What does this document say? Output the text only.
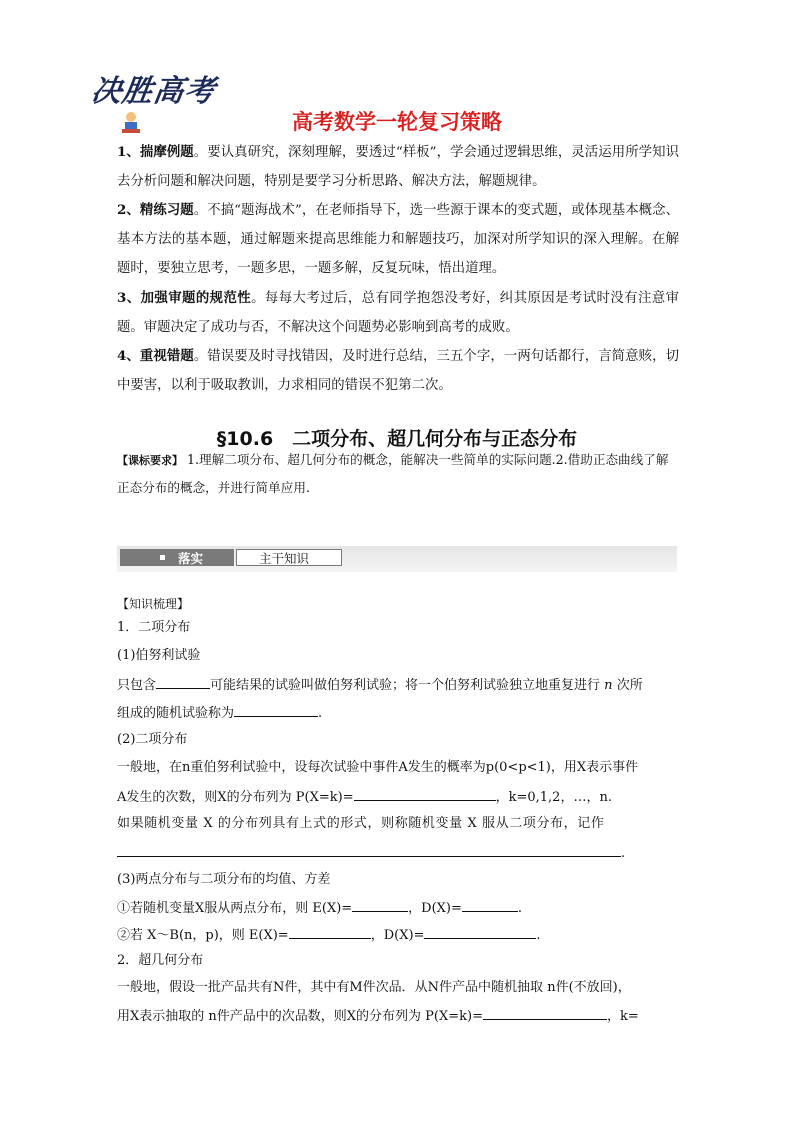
决胜高考
高考数学一轮复习策略
1、揣摩例题。要认真研究，深刻理解，要透过“样板”，学会通过逻辑思维，灵活运用所学知识去分析问题和解决问题，特别是要学习分析思路、解决方法，解题规律。
2、精练习题。不搞“题海战术”，在老师指导下，选一些源于课本的变式题，或体现基本概念、基本方法的基本题，通过解题来提高思维能力和解题技巧，加深对所学知识的深入理解。在解题时，要独立思考，一题多思，一题多解，反复玩味，悟出道理。
3、加强审题的规范性。每每大考过后，总有同学抱怨没考好，纠其原因是考试时没有注意审题。审题决定了成功与否，不解决这个问题势必影响到高考的成败。
4、重视错题。错误要及时寻找错因，及时进行总结，三五个字，一两句话都行，言简意赅，切中要害，以利于吸取教训，力求相同的错误不犯第二次。
§10.6　二项分布、超几何分布与正态分布
【课标要求】 1.理解二项分布、超几何分布的概念，能解决一些简单的实际问题.2.借助正态曲线了解正态分布的概念，并进行简单应用.
落实	主干知识
【知识梳理】
1．二项分布
(1)伯努利试验
只包含	可能结果的试验叫做伯努利试验；将一个伯努利试验独立地重复进行 n 次所
组成的随机试验称为	.
(2)二项分布
一般地，在n重伯努利试验中，设每次试验中事件A发生的概率为p(0<p<1)，用X表示事件
A发生的次数，则X的分布列为 P(X=k)=	，k=0,1,2，…，n.
如果随机变量 X 的分布列具有上式的形式，则称随机变量 X 服从二项分布，记作
.
(3)两点分布与二项分布的均值、方差
①若随机变量X服从两点分布，则 E(X)=	，D(X)=	.
②若 X～B(n，p)，则 E(X)=	，D(X)=	.
2．超几何分布
一般地，假设一批产品共有N件，其中有M件次品．从N件产品中随机抽取 n件(不放回)，
用X表示抽取的 n件产品中的次品数，则X的分布列为 P(X=k)=	，k=
